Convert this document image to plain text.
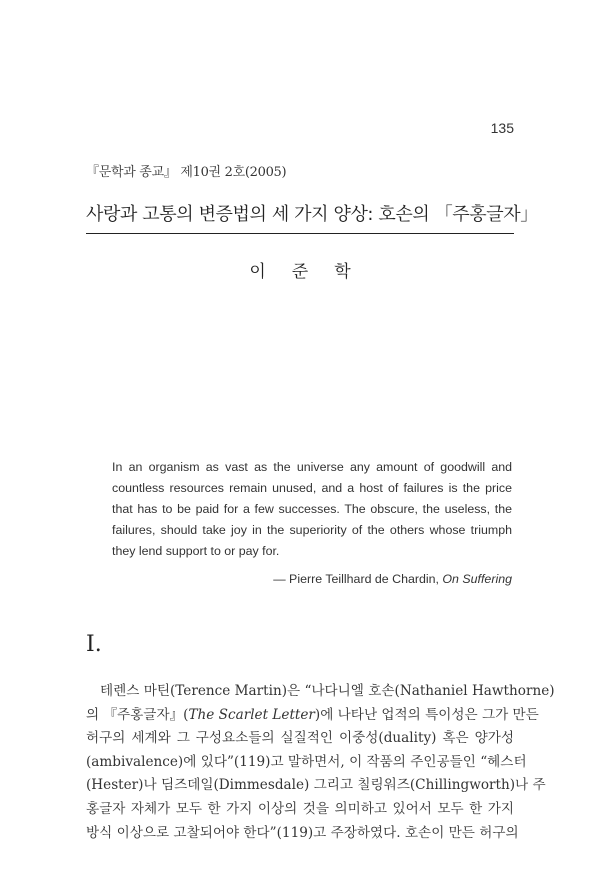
135
『문학과 종교』 제10권 2호(2005)
사랑과 고통의 변증법의 세 가지 양상: 호손의 「주홍글자」
이준학
In an organism as vast as the universe any amount of goodwill and countless resources remain unused, and a host of failures is the price that has to be paid for a few successes. The obscure, the useless, the failures, should take joy in the superiority of the others whose triumph they lend support to or pay for.
— Pierre Teillhard de Chardin, On Suffering
I.
테렌스 마틴(Terence Martin)은 “나다니엘 호손(Nathaniel Hawthorne)
의 『주홍글자』(The Scarlet Letter)에 나타난 업적의 특이성은 그가 만든
허구의 세계와 그 구성요소들의 실질적인 이중성(duality) 혹은 양가성
(ambivalence)에 있다”(119)고 말하면서, 이 작품의 주인공들인 “헤스터
(Hester)나 딤즈데일(Dimmesdale) 그리고 칠링워즈(Chillingworth)나 주
홍글자 자체가 모두 한 가지 이상의 것을 의미하고 있어서 모두 한 가지
방식 이상으로 고찰되어야 한다”(119)고 주장하였다. 호손이 만든 허구의
